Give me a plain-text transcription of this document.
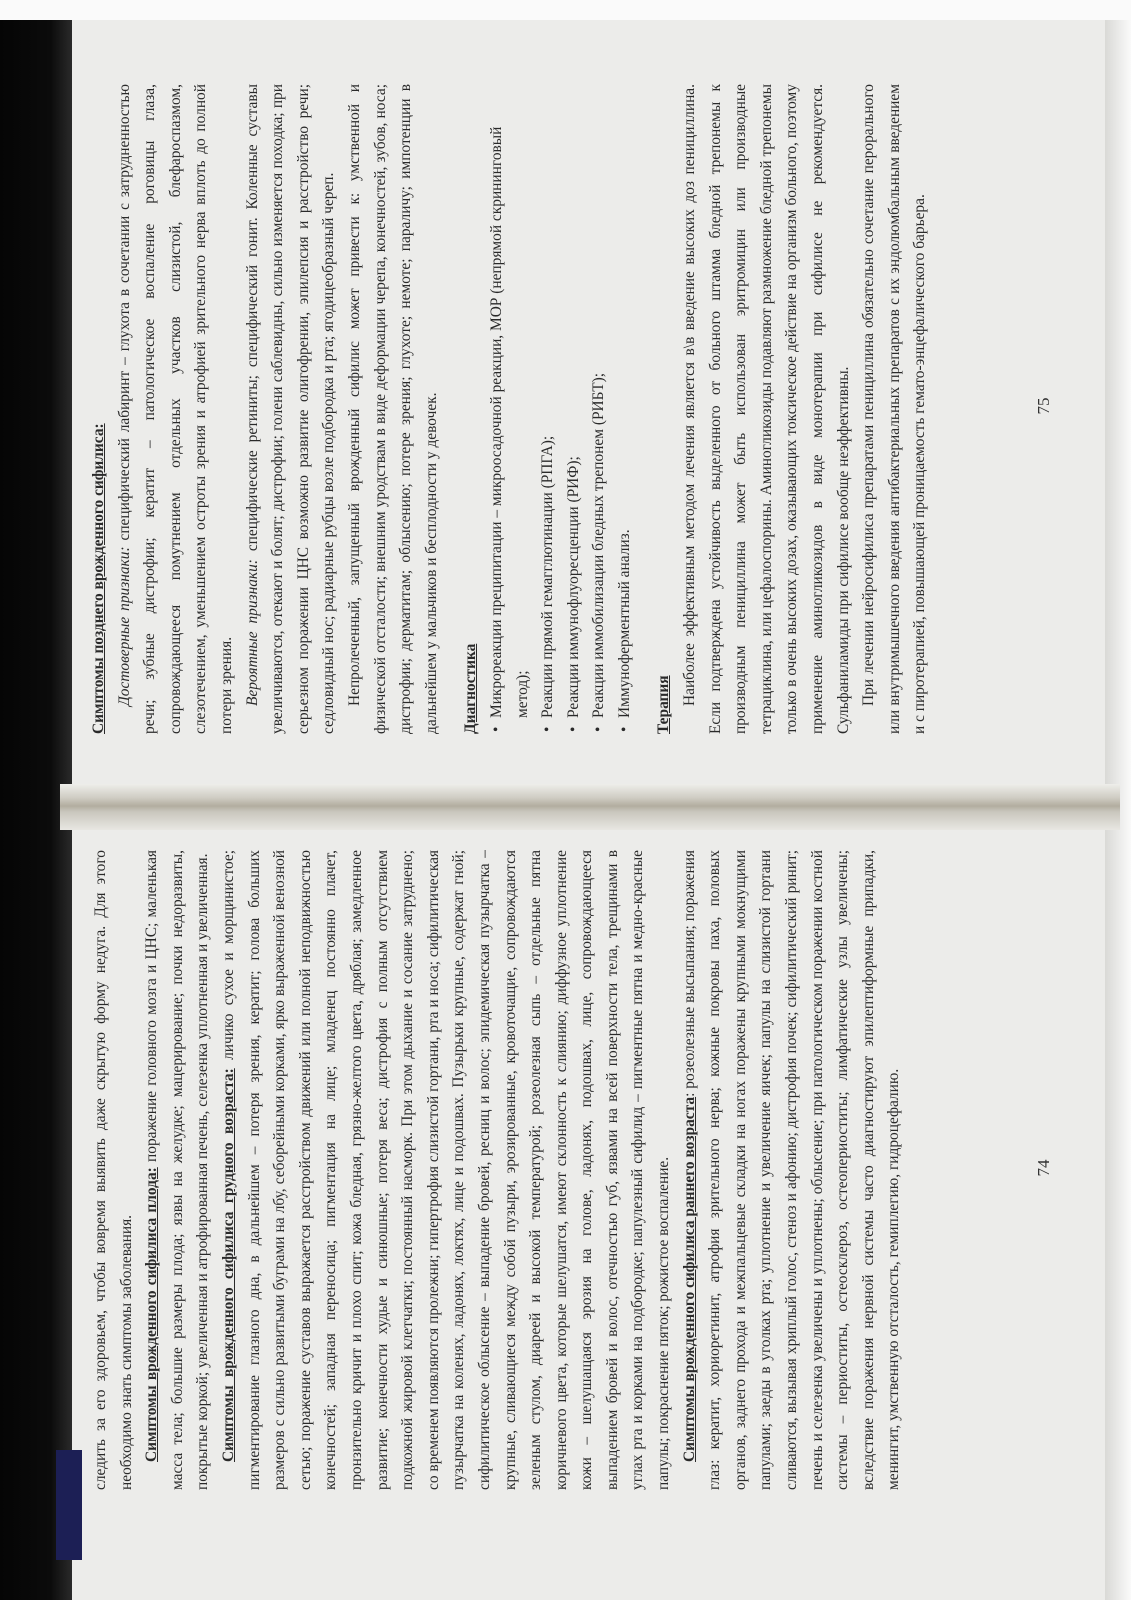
следить за его здоровьем, чтобы вовремя выявить даже скрытую форму недуга. Для этого необходимо знать симптомы заболевания. Симптомы врожденного сифилиса плода: поражение головного мозга и ЦНС; маленькая масса тела; большие размеры плода; язвы на желудке; мацерирование; почки недоразвиты, покрытые коркой; увеличенная и атрофированная печень, селезенка уплотненная и увеличенная. Симптомы врожденного сифилиса грудного возраста: личико сухое и морщинистое; пигментирование глазного дна, в дальнейшем – потеря зрения, кератит; голова больших размеров с сильно развитыми буграми на лбу, себорейными корками, ярко выраженной венозной сетью; поражение суставов выражается расстройством движений или полной неподвижностью конечностей; западная переносица; пигментация на лице; младенец постоянно плачет, пронзительно кричит и плохо спит; кожа бледная, грязно-желтого цвета, дряблая; замедленное развитие; конечности худые и синюшные; потеря веса; дистрофия с полным отсутствием подкожной жировой клетчатки; постоянный насморк. При этом дыхание и сосание затруднено; со временем появляются пролежни; гипертрофия слизистой гортани, рта и носа; сифилитическая пузырчатка на коленях, ладонях, локтях, лице и подошвах. Пузырьки крупные, содержат гной; сифилитическое облысение – выпадение бровей, ресниц и волос; эпидемическая пузырчатка – крупные, сливающиеся между собой пузыри, эрозированные, кровоточащие, сопровождаются зеленым стулом, диареей и высокой температурой; розеолезная сыпь – отдельные пятна коричневого цвета, которые шелушатся, имеют склонность к слиянию; диффузное уплотнение кожи – шелушащаяся эрозия на голове, ладонях, подошвах, лице, сопровождающееся выпадением бровей и волос, отечностью губ, язвами на всей поверхности тела, трещинами в углах рта и корками на подбородке; папулезный сифилид – пигментные пятна и медно-красные папулы; покраснение пяток; рожистое воспаление. Симптомы врожденного сифилиса раннего возраста: розеолезные высыпания; поражения глаз: кератит, хориоретинит, атрофия зрительного нерва; кожные покровы паха, половых органов, заднего прохода и межпальцевые складки на ногах поражены крупными мокнущими папулами; заеды в уголках рта; уплотнение и увеличение яичек; папулы на слизистой гортани сливаются, вызывая хриплый голос, стеноз и афонию; дистрофия почек; сифилитический ринит; печень и селезенка увеличены и уплотнены; облысение; при патологическом поражении костной системы – периоститы, остеосклероз, остеопериоститы; лимфатические узлы увеличены; вследствие поражения нервной системы часто диагностируют эпилептиформные припадки, менингит, умственную отсталость, гемиплегию, гидроцефалию.	74

Симптомы позднего врожденного сифилиса: Достоверные признаки: специфический лабиринт – глухота в сочетании с затрудненностью речи; зубные дистрофии; кератит – патологическое воспаление роговицы глаза, сопровождающееся помутнением отдельных участков слизистой, блефароспазмом, слезотечением, уменьшением остроты зрения и атрофией зрительного нерва вплоть до полной потери зрения. Вероятные признаки: специфические ретиниты; специфический гонит. Коленные суставы увеличиваются, отекают и болят; дистрофии; голени саблевидны, сильно изменяется походка; при серьезном поражении ЦНС возможно развитие олигофрении, эпилепсия и расстройство речи; седловидный нос; радиарные рубцы возле подбородка и рта; ягодицеобразный череп. Непролеченный, запущенный врожденный сифилис может привести к: умственной и физической отсталости; внешним уродствам в виде деформации черепа, конечностей, зубов, носа; дистрофии; дерматитам; облысению; потере зрения; глухоте; немоте; параличу; импотенции в дальнейшем у мальчиков и бесплодности у девочек. Диагностика •
Микрореакции преципитации – микроосадочной реакции, МОР (непрямой скрининговый метод);
•
Реакции прямой гемагглютинации (РПГА);
•
Реакции иммунофлуоресценции (РИФ);
•
Реакции иммобилизации бледных трепонем (РИБТ);
•
Иммуноферментный анализ. Терапия Наиболее эффективным методом лечения является в\в введение высоких доз пенициллина. Если подтверждена устойчивость выделенного от больного штамма бледной трепонемы к производным пенициллина может быть использован эритромицин или производные тетрациклина, или цефалоспорины. Аминогликозиды подавляют размножение бледной трепонемы только в очень высоких дозах, оказывающих токсическое действие на организм больного, поэтому применение аминогликозидов в виде монотерапии при сифилисе не рекомендуется. Сульфаниламиды при сифилисе вообще неэффективны. При лечении нейросифилиса препаратами пенициллина обязательно сочетание перорального или внутримышечного введения антибактериальных препаратов с их эндолюмбальным введением и с пиротерапией, повышающей проницаемость гемато-энцефалического барьера.	75
